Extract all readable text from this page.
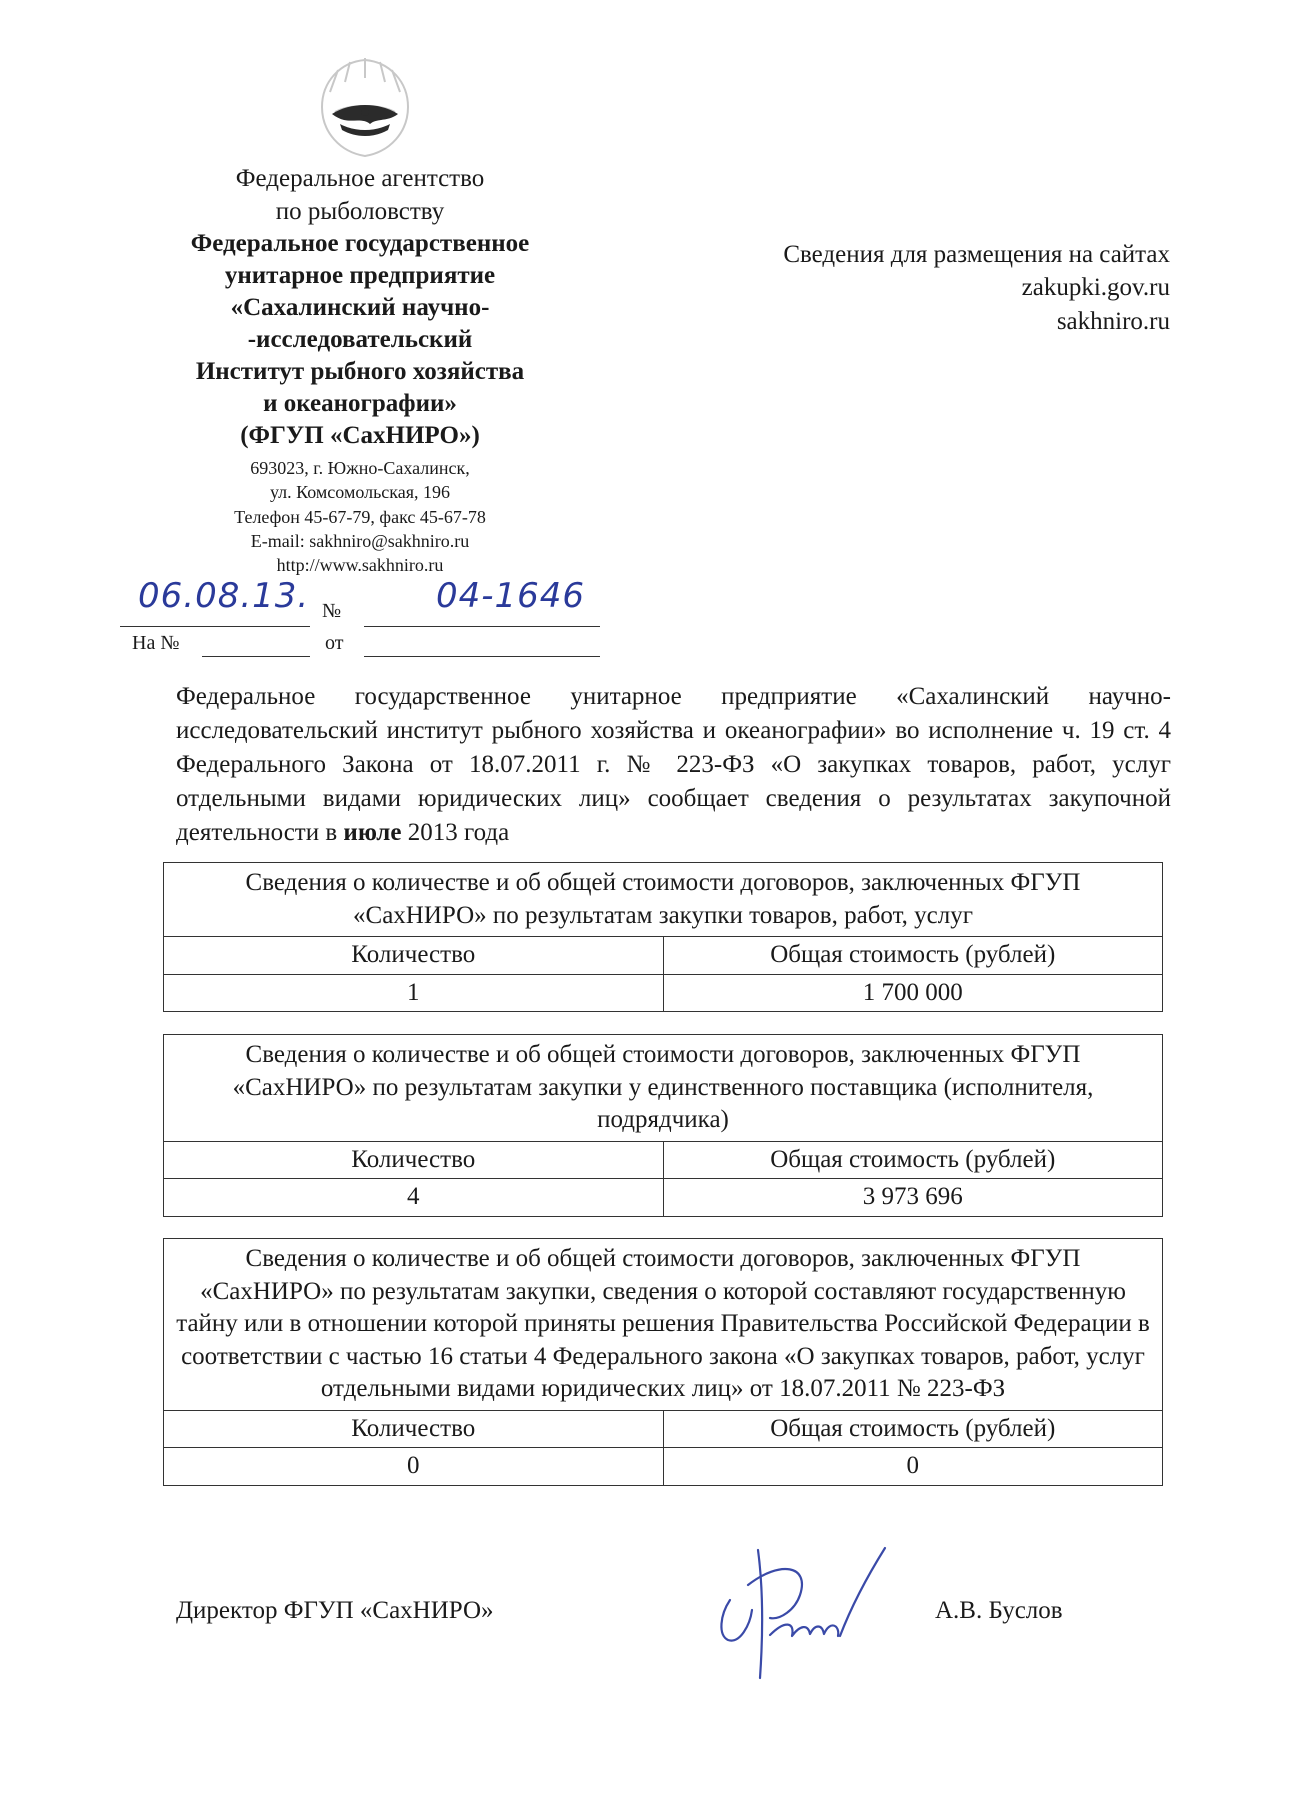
Федеральное агентство
по рыболовству
Федеральное государственное
унитарное предприятие
«Сахалинский научно-
-исследовательский
Институт рыбного хозяйства
и океанографии»
(ФГУП «СахНИРО»)
693023, г. Южно-Сахалинск,
ул. Комсомольская, 196
Телефон 45-67-79, факс 45-67-78
E-mail: sakhniro@sakhniro.ru
http://www.sakhniro.ru
Сведения для размещения на сайтах
zakupki.gov.ru
sakhniro.ru
06.08.13. №	04-1646
На №	от
Федеральное государственное унитарное предприятие «Сахалинский научно-исследовательский институт рыбного хозяйства и океанографии» во исполнение ч. 19 ст. 4 Федерального Закона от 18.07.2011 г. № 223-ФЗ «О закупках товаров, работ, услуг отдельными видами юридических лиц» сообщает сведения о результатах закупочной деятельности в июле 2013 года
Сведения о количестве и об общей стоимости договоров, заключенных ФГУП «СахНИРО» по результатам закупки товаров, работ, услуг	
Количество	Общая стоимость (рублей)
1	1 700 000
Сведения о количестве и об общей стоимости договоров, заключенных ФГУП «СахНИРО» по результатам закупки у единственного поставщика (исполнителя, подрядчика)	
Количество	Общая стоимость (рублей)
4	3 973 696
Сведения о количестве и об общей стоимости договоров, заключенных ФГУП «СахНИРО» по результатам закупки, сведения о которой составляют государственную тайну или в отношении которой приняты решения Правительства Российской Федерации в соответствии с частью 16 статьи 4 Федерального закона «О закупках товаров, работ, услуг отдельными видами юридических лиц» от 18.07.2011 № 223-ФЗ	
Количество	Общая стоимость (рублей)
0	0
Директор ФГУП «СахНИРО»	А.В. Буслов
